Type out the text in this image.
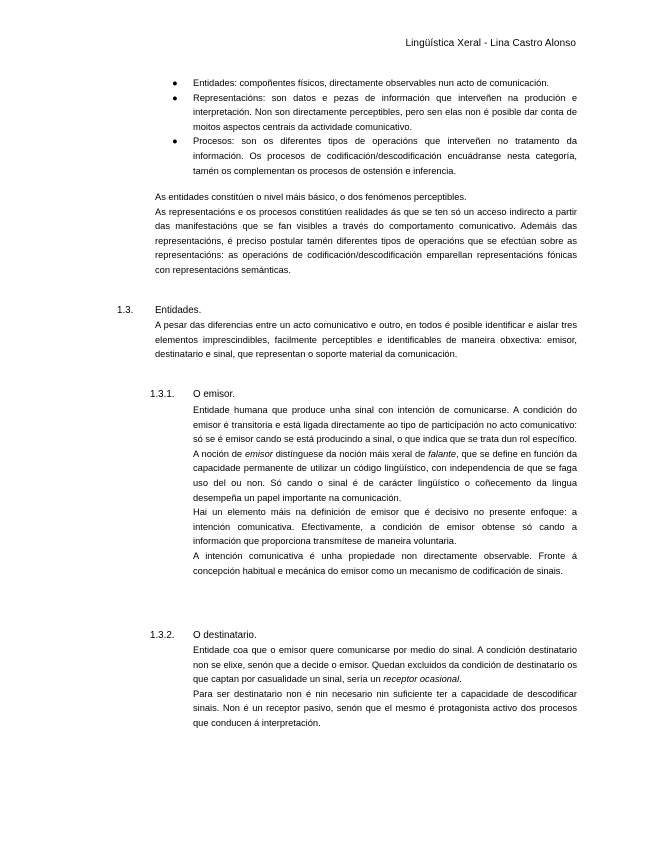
Lingüística Xeral - Lina Castro Alonso

● Entidades: compoñentes físicos, directamente observables nun acto de comunicación.

● Representacións: son datos e pezas de información que interveñen na produción e interpretación. Non son directamente perceptibles, pero sen elas non é posible dar conta de moitos aspectos centrais da actividade comunicativo.

● Procesos: son os diferentes tipos de operacións que interveñen no tratamento da información. Os procesos de codificación/descodificación encuádranse nesta categoría, tamén os complementan os procesos de ostensión e inferencia.

As entidades constitúen o nivel máis básico, o dos fenómenos perceptibles.

As representacións e os procesos constitúen realidades ás que se ten só un acceso indirecto a partir das manifestacións que se fan visibles a través do comportamento comunicativo. Ademáis das representacións, é preciso postular tamén diferentes tipos de operacións que se efectúan sobre as representacións: as operacións de codificación/descodificación emparellan representacións fónicas con representacións semánticas.

1.3. Entidades.

A pesar das diferencias entre un acto comunicativo e outro, en todos é posible identificar e aislar tres elementos imprescindibles, facilmente perceptibles e identificables de maneira obxectiva: emisor, destinatario e sinal, que representan o soporte material da comunicación.

1.3.1. O emisor.

Entidade humana que produce unha sinal con intención de comunicarse. A condición do emisor é transitoria e está ligada directamente ao tipo de participación no acto comunicativo: só se é emisor cando se está producindo a sinal, o que indica que se trata dun rol específico. A noción de emisor distínguese da noción máis xeral de falante, que se define en función da capacidade permanente de utilizar un código lingüístico, con independencia de que se faga uso del ou non. Só cando o sinal é de carácter lingüístico o coñecemento da lingua desempeña un papel importante na comunicación.

Hai un elemento máis na definición de emisor que é decisivo no presente enfoque: a intención comunicativa. Efectivamente, a condición de emisor obtense só cando a información que proporciona transmítese de maneira voluntaria.

A intención comunicativa é unha propiedade non directamente observable. Fronte á concepción habitual e mecánica do emisor como un mecanismo de codificación de sinais.

1.3.2. O destinatario.

Entidade coa que o emisor quere comunicarse por medio do sinal. A condición destinatario non se elixe, senón que a decide o emisor. Quedan excluidos da condición de destinatario os que captan por casualidade un sinal, sería un receptor ocasional.

Para ser destinatario non é nin necesario nin suficiente ter a capacidade de descodificar sinais. Non é un receptor pasivo, senón que el mesmo é protagonista activo dos procesos que conducen á interpretación.
